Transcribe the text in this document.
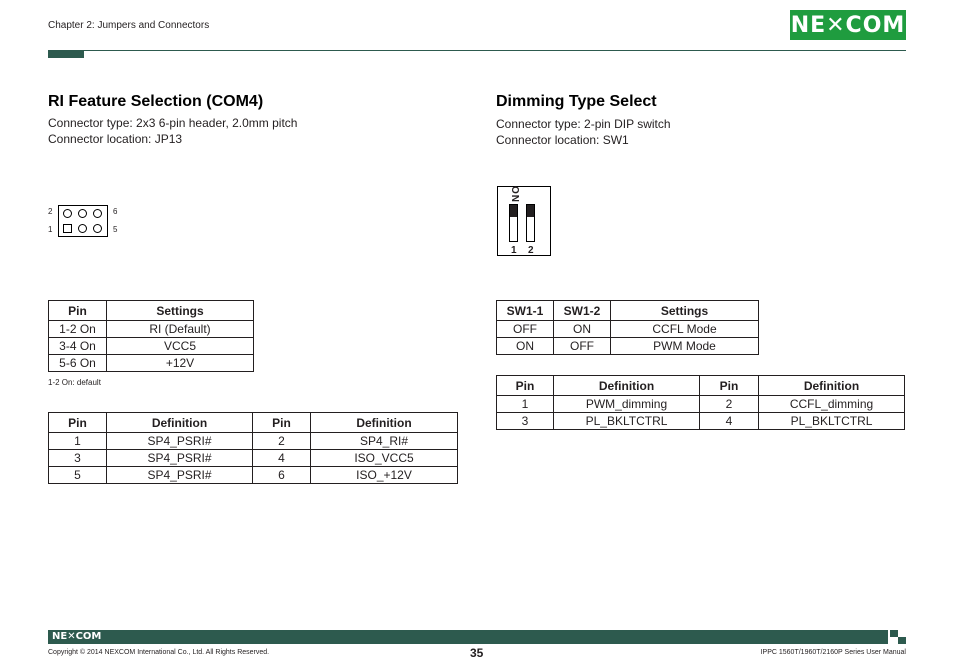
Chapter 2: Jumpers and Connectors	NE✕COM
RI Feature Selection (COM4)
Connector type: 2x3 6-pin header, 2.0mm pitch
Connector location: JP13
2	6
1	5
Pin	Settings
1-2 On	RI (Default)
3-4 On	VCC5
5-6 On	+12V
1-2 On: default
Pin	Definition	Pin	Definition
1	SP4_PSRI#	2	SP4_RI#
3	SP4_PSRI#	4	ISO_VCC5
5	SP4_PSRI#	6	ISO_+12V
Dimming Type Select
Connector type: 2-pin DIP switch
Connector location: SW1
ON
1 2
SW1-1	SW1-2	Settings
OFF	ON	CCFL Mode
ON	OFF	PWM Mode
Pin	Definition	Pin	Definition
1	PWM_dimming	2	CCFL_dimming
3	PL_BKLTCTRL	4	PL_BKLTCTRL
NE✕COM
Copyright © 2014 NEXCOM International Co., Ltd. All Rights Reserved.	35	IPPC 1560T/1960T/2160P Series User Manual
